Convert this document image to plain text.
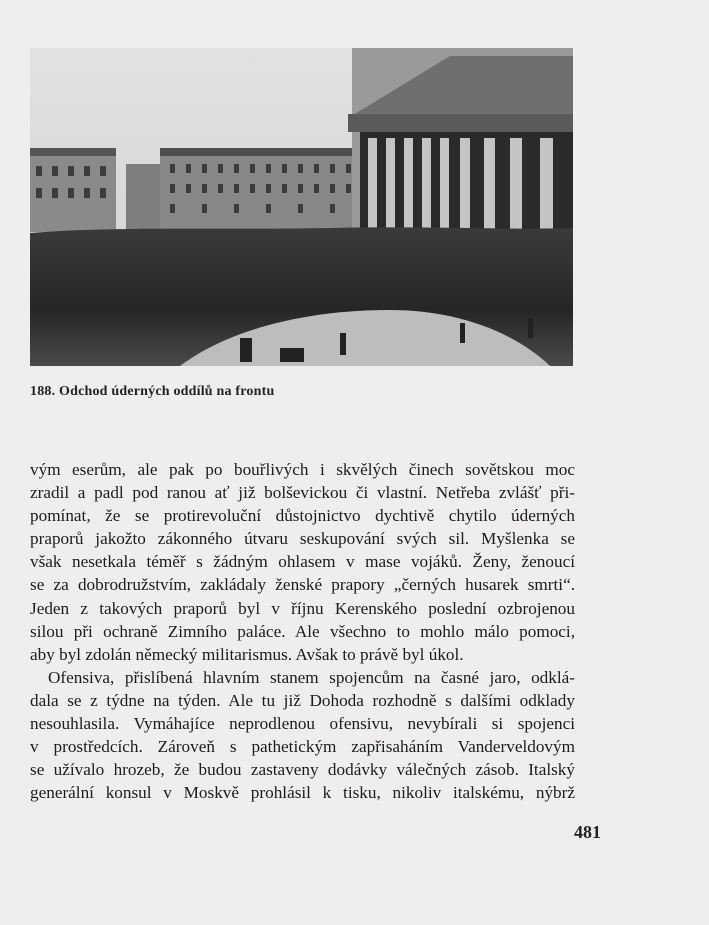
188. Odchod úderných oddílů na frontu
vým eserům, ale pak po bouřlivých i skvělých činech sovětskou moc
zradil a padl pod ranou ať již bolševickou či vlastní. Netřeba zvlášť při-
pomínat, že se protirevoluční důstojnictvo dychtivě chytilo úderných
praporů jakožto zákonného útvaru seskupování svých sil. Myšlenka se
však nesetkala téměř s žádným ohlasem v mase vojáků. Ženy, ženoucí
se za dobrodružstvím, zakládaly ženské prapory „černých husarek smrti“.
Jeden z takových praporů byl v říjnu Kerenského poslední ozbrojenou
silou při ochraně Zimního paláce. Ale všechno to mohlo málo pomoci,
aby byl zdolán německý militarismus. Avšak to právě byl úkol.
Ofensiva, přislíbená hlavním stanem spojencům na časné jaro, odklá-
dala se z týdne na týden. Ale tu již Dohoda rozhodně s dalšími odklady
nesouhlasila. Vymáhajíce neprodlenou ofensivu, nevybírali si spojenci
v prostředcích. Zároveň s pathetickým zapřisaháním Vanderveldovým
se užívalo hrozeb, že budou zastaveny dodávky válečných zásob. Italský
generální konsul v Moskvě prohlásil k tisku, nikoliv italskému, nýbrž
481
